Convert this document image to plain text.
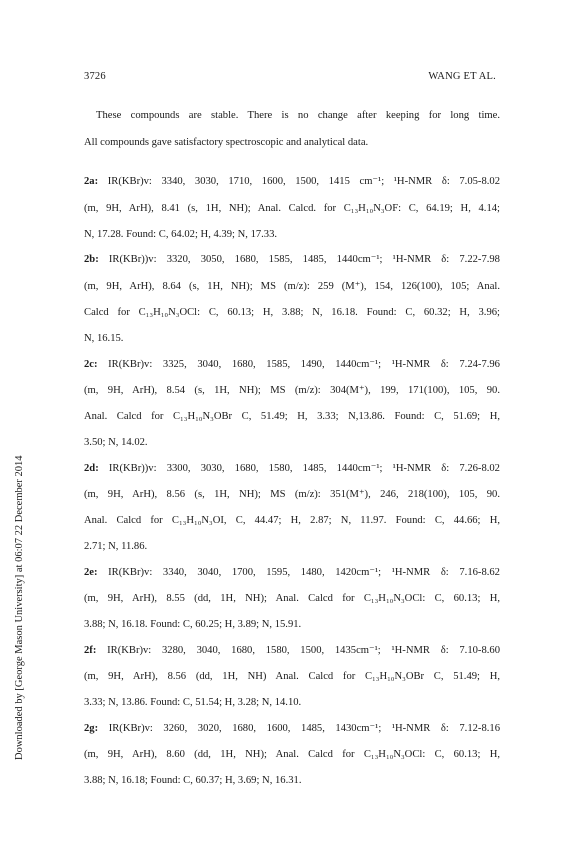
3726	WANG ET AL.
Downloaded by [George Mason University] at 06:07 22 December 2014
These compounds are stable. There is no change after keeping for long time.
All compounds gave satisfactory spectroscopic and analytical data.
2a: IR(KBr)v: 3340, 3030, 1710, 1600, 1500, 1415 cm⁻¹; ¹H-NMR δ: 7.05-8.02
(m, 9H, ArH), 8.41 (s, 1H, NH); Anal. Calcd. for C₁₃H₁₀N₃OF: C, 64.19; H, 4.14;
N, 17.28. Found: C, 64.02; H, 4.39; N, 17.33.
2b: IR(KBr))v: 3320, 3050, 1680, 1585, 1485, 1440cm⁻¹; ¹H-NMR δ: 7.22-7.98
(m, 9H, ArH), 8.64 (s, 1H, NH); MS (m/z): 259 (M⁺), 154, 126(100), 105; Anal.
Calcd for C₁₃H₁₀N₃OCl: C, 60.13; H, 3.88; N, 16.18. Found: C, 60.32; H, 3.96;
N, 16.15.
2c: IR(KBr)v: 3325, 3040, 1680, 1585, 1490, 1440cm⁻¹; ¹H-NMR δ: 7.24-7.96
(m, 9H, ArH), 8.54 (s, 1H, NH); MS (m/z): 304(M⁺), 199, 171(100), 105, 90.
Anal. Calcd for C₁₃H₁₀N₃OBr C, 51.49; H, 3.33; N,13.86. Found: C, 51.69; H,
3.50; N, 14.02.
2d: IR(KBr))v: 3300, 3030, 1680, 1580, 1485, 1440cm⁻¹; ¹H-NMR δ: 7.26-8.02
(m, 9H, ArH), 8.56 (s, 1H, NH); MS (m/z): 351(M⁺), 246, 218(100), 105, 90.
Anal. Calcd for C₁₃H₁₀N₃OI, C, 44.47; H, 2.87; N, 11.97. Found: C, 44.66; H,
2.71; N, 11.86.
2e: IR(KBr)v: 3340, 3040, 1700, 1595, 1480, 1420cm⁻¹; ¹H-NMR δ: 7.16-8.62
(m, 9H, ArH), 8.55 (dd, 1H, NH); Anal. Calcd for C₁₃H₁₀N₃OCl: C, 60.13; H,
3.88; N, 16.18. Found: C, 60.25; H, 3.89; N, 15.91.
2f: IR(KBr)v: 3280, 3040, 1680, 1580, 1500, 1435cm⁻¹; ¹H-NMR δ: 7.10-8.60
(m, 9H, ArH), 8.56 (dd, 1H, NH) Anal. Calcd for C₁₃H₁₀N₃OBr C, 51.49; H,
3.33; N, 13.86. Found: C, 51.54; H, 3.28; N, 14.10.
2g: IR(KBr)v: 3260, 3020, 1680, 1600, 1485, 1430cm⁻¹; ¹H-NMR δ: 7.12-8.16
(m, 9H, ArH), 8.60 (dd, 1H, NH); Anal. Calcd for C₁₃H₁₀N₃OCl: C, 60.13; H,
3.88; N, 16.18; Found: C, 60.37; H, 3.69; N, 16.31.
